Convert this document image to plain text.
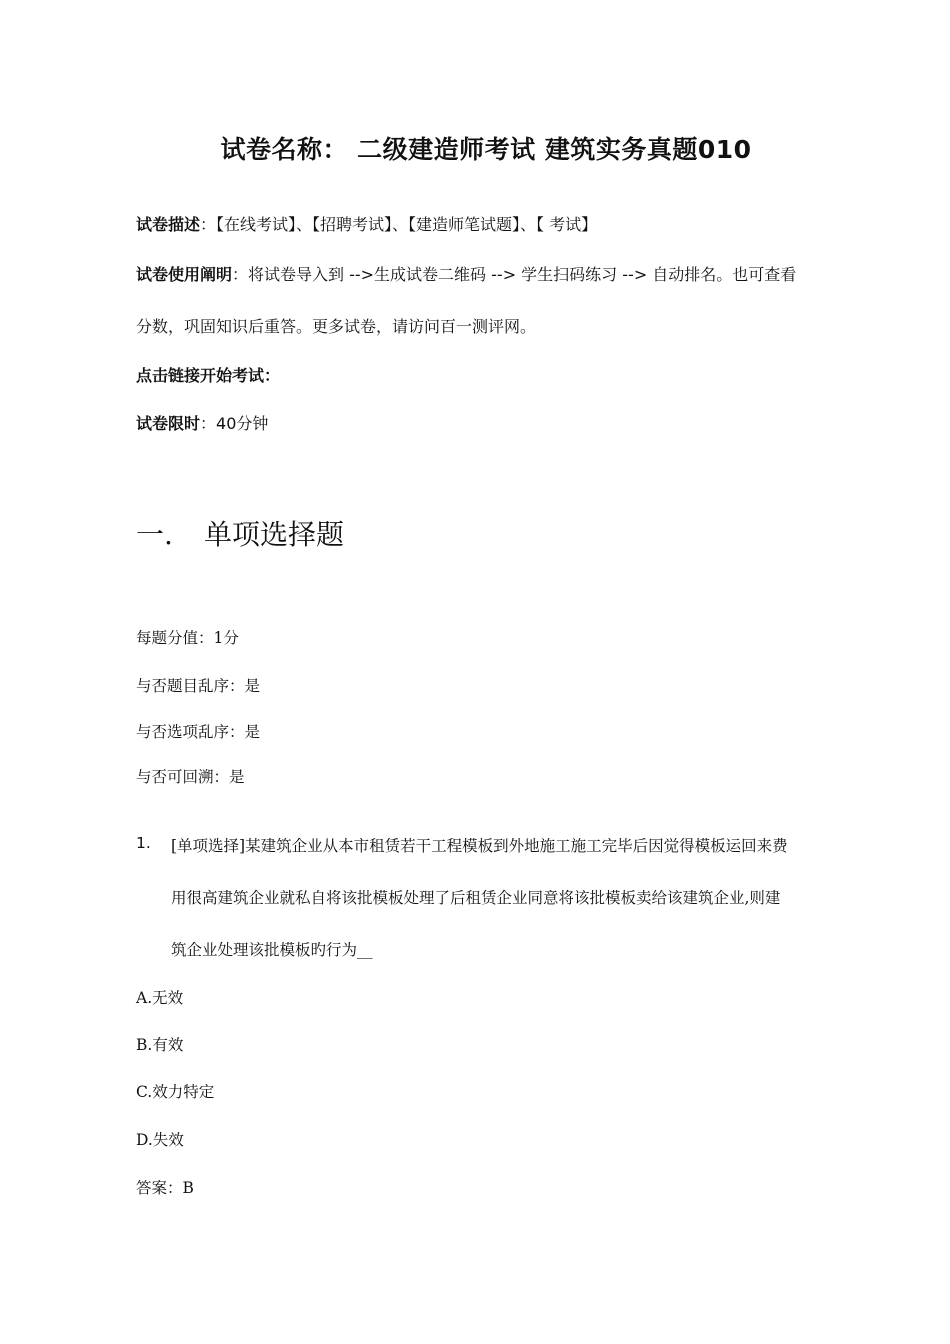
试卷名称： 二级建造师考试 建筑实务真题010
试卷描述：【在线考试】、【招聘考试】、【建造师笔试题】、【 考试】
试卷使用阐明：将试卷导入到 -->生成试卷二维码 --> 学生扫码练习 --> 自动排名。也可查看
分数，巩固知识后重答。更多试卷，请访问百一测评网。
点击链接开始考试：
试卷限时：40分钟
一. 单项选择题
每题分值：1分
与否题目乱序：是
与否选项乱序：是
与否可回溯：是
1. [单项选择]某建筑企业从本市租赁若干工程模板到外地施工施工完毕后因觉得模板运回来费
用很高建筑企业就私自将该批模板处理了后租赁企业同意将该批模板卖给该建筑企业,则建
筑企业处理该批模板旳行为__
A.无效
B.有效
C.效力特定
D.失效
答案：B
